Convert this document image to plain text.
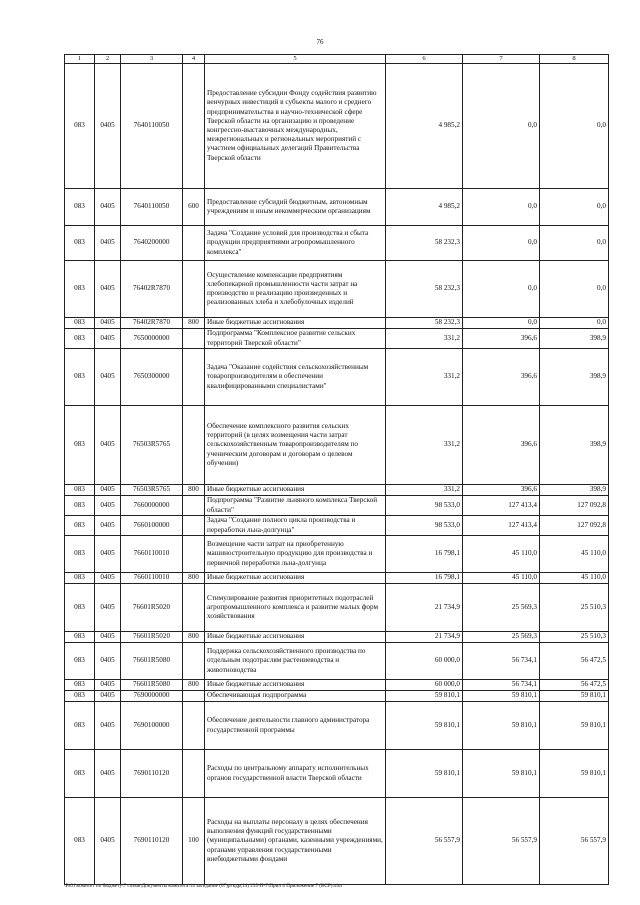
76
1	2	3	4	5	6	7	8
083	0405	7640110050		Предоставление субсидии Фонду содействия развитию венчурных инвестиций в субъекты малого и среднего предпринимательства в научно-технической сфере Тверской области на организацию и проведение конгрессно-выставочных международных, межрегиональных и региональных мероприятий с участием официальных делегаций Правительства Тверской области	4 985,2	0,0	0,0
083	0405	7640110050	600	Предоставление субсидий бюджетным, автономным учреждениям и иным некоммерческим организациям	4 985,2	0,0	0,0
083	0405	7640200000		Задача "Создание условий для производства и сбыта продукции предприятиями агропромышленного комплекса"	58 232,3	0,0	0,0
083	0405	76402R7870		Осуществление компенсации предприятиям хлебопекарной промышленности части затрат на производство и реализацию произведенных и реализованных хлеба и хлебобулочных изделий	58 232,3	0,0	0,0
083	0405	76402R7870	800	Иные бюджетные ассигнования	58 232,3	0,0	0,0
083	0405	7650000000		Подпрограмма "Комплексное развитие сельских территорий Тверской области"	331,2	396,6	398,9
083	0405	7650300000		Задача "Оказание содействия сельскохозяйственным товаропроизводителям в обеспечении квалифицированными специалистами"	331,2	396,6	398,9
083	0405	76503R5765		Обеспечение комплексного развития сельских территорий (в целях возмещения части затрат сельскохозяйственным товаропроизводителям по ученическим договорам и договорам о целевом обучении)	331,2	396,6	398,9
083	0405	76503R5765	800	Иные бюджетные ассигнования	331,2	396,6	398,9
083	0405	7660000000		Подпрограмма "Развитие льняного комплекса Тверской области"	98 533,0	127 413,4	127 092,8
083	0405	7660100000		Задача "Создание полного цикла производства и переработки льна-долгунца"	98 533,0	127 413,4	127 092,8
083	0405	7660110010		Возмещение части затрат на приобретенную машиностроительную продукцию для производства и первичной переработки льна-долгунца	16 798,1	45 110,0	45 110,0
083	0405	7660110010	800	Иные бюджетные ассигнования	16 798,1	45 110,0	45 110,0
083	0405	76601R5020		Стимулирование развития приоритетных подотраслей агропромышленного комплекса и развитие малых форм хозяйствования	21 734,9	25 569,3	25 510,3
083	0405	76601R5020	800	Иные бюджетные ассигнования	21 734,9	25 569,3	25 510,3
083	0405	76601R5080		Поддержка сельскохозяйственного производства по отдельным подотраслям растениеводства и животноводства	60 000,0	56 734,1	56 472,5
083	0405	76601R5080	800	Иные бюджетные ассигнования	60 000,0	56 734,1	56 472,5
083	0405	7690000000		Обеспечивающая подпрограмма	59 810,1	59 810,1	59 810,1
083	0405	7690100000		Обеспечение деятельности главного администратора государственной программы	59 810,1	59 810,1	59 810,1
083	0405	7690110120		Расходы по центральному аппарату исполнительных органов государственной власти Тверской области	59 810,1	59 810,1	59 810,1
083	0405	7690110120	100	Расходы на выплаты персоналу в целях обеспечения выполнения функций государственными (муниципальными) органами, казенными учреждениями, органами управления государственными внебюджетными фондами	56 557,9	56 557,9	56 557,9
\Fs01\комитет по бюджету\7 созыв\Документы комитета\14 заседание (07)ргкдр(14) 235-П-7\Прил 4 Приложение 7 (ВСР).xlsx
